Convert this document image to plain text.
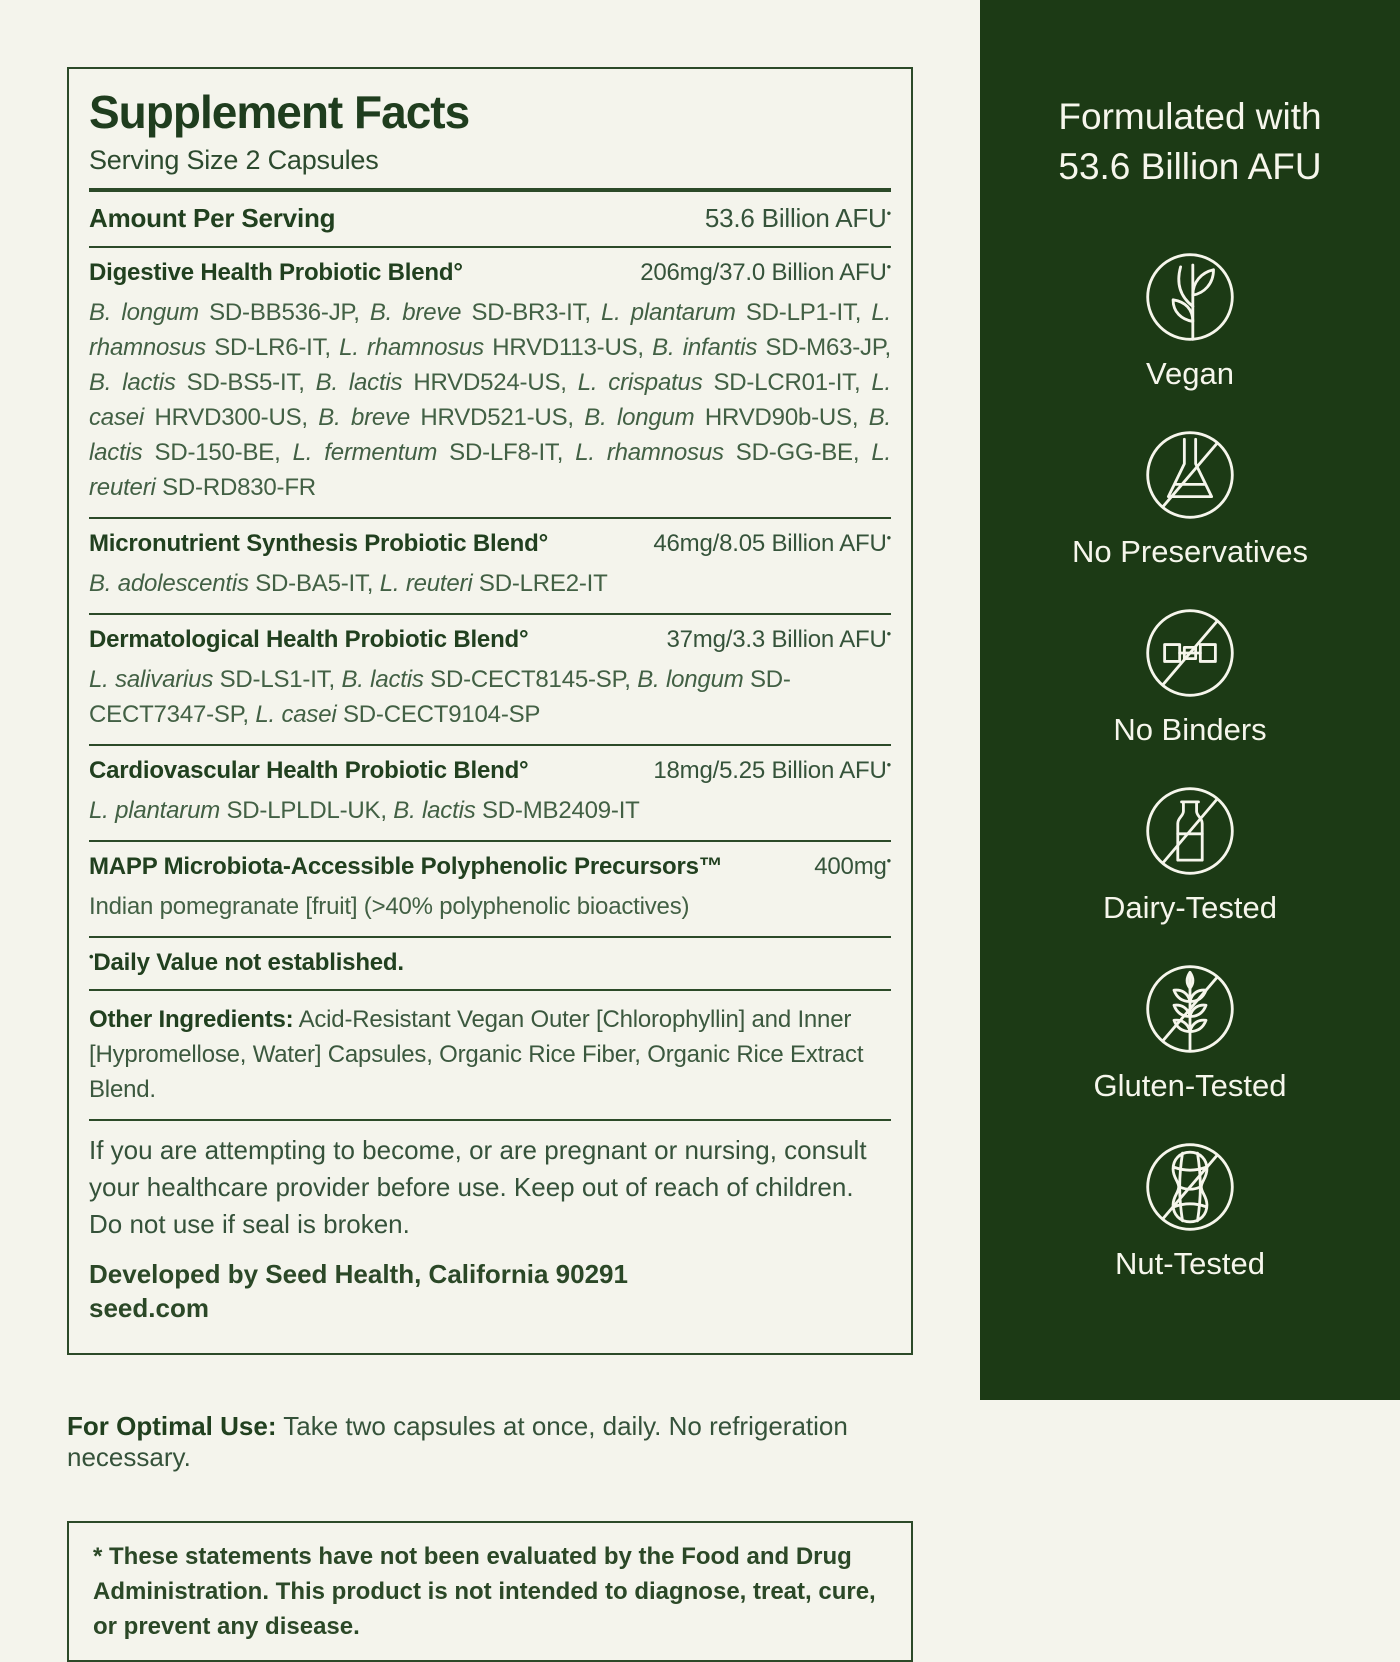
Supplement Facts
Serving Size 2 Capsules
Amount Per Serving	53.6 Billion AFU•
Digestive Health Probiotic Blend°	206mg/37.0 Billion AFU•

B. longum SD-BB536-JP, B. breve SD-BR3-IT, L. plantarum SD-LP1-IT, L. rhamnosus SD-LR6-IT, L. rhamnosus HRVD113-US, B. infantis SD-M63-JP, B. lactis SD-BS5-IT, B. lactis HRVD524-US, L. crispatus SD-LCR01-IT, L. casei HRVD300-US, B. breve HRVD521-US, B. longum HRVD90b-US, B. lactis SD-150-BE, L. fermentum SD-LF8-IT, L. rhamnosus SD-GG-BE, L. reuteri SD-RD830-FR

Micronutrient Synthesis Probiotic Blend°	46mg/8.05 Billion AFU•

B. adolescentis SD-BA5-IT, L. reuteri SD-LRE2-IT

Dermatological Health Probiotic Blend°	37mg/3.3 Billion AFU•

L. salivarius SD-LS1-IT, B. lactis SD-CECT8145-SP, B. longum SD-CECT7347-SP, L. casei SD-CECT9104-SP

Cardiovascular Health Probiotic Blend°	18mg/5.25 Billion AFU•

L. plantarum SD-LPLDL-UK, B. lactis SD-MB2409-IT

MAPP Microbiota-Accessible Polyphenolic Precursors™	400mg•

Indian pomegranate [fruit] (>40% polyphenolic bioactives)

•Daily Value not established.

Other Ingredients: Acid-Resistant Vegan Outer [Chlorophyllin] and Inner [Hypromellose, Water] Capsules, Organic Rice Fiber, Organic Rice Extract Blend.

If you are attempting to become, or are pregnant or nursing, consult your healthcare provider before use. Keep out of reach of children. Do not use if seal is broken.

Developed by Seed Health, California 90291

seed.com

For Optimal Use: Take two capsules at once, daily. No refrigeration necessary.

* These statements have not been evaluated by the Food and Drug Administration. This product is not intended to diagnose, treat, cure, or prevent any disease.

Formulated with
53.6 Billion AFU
Vegan
No Preservatives
No Binders
Dairy-Tested
Gluten-Tested
Nut-Tested
